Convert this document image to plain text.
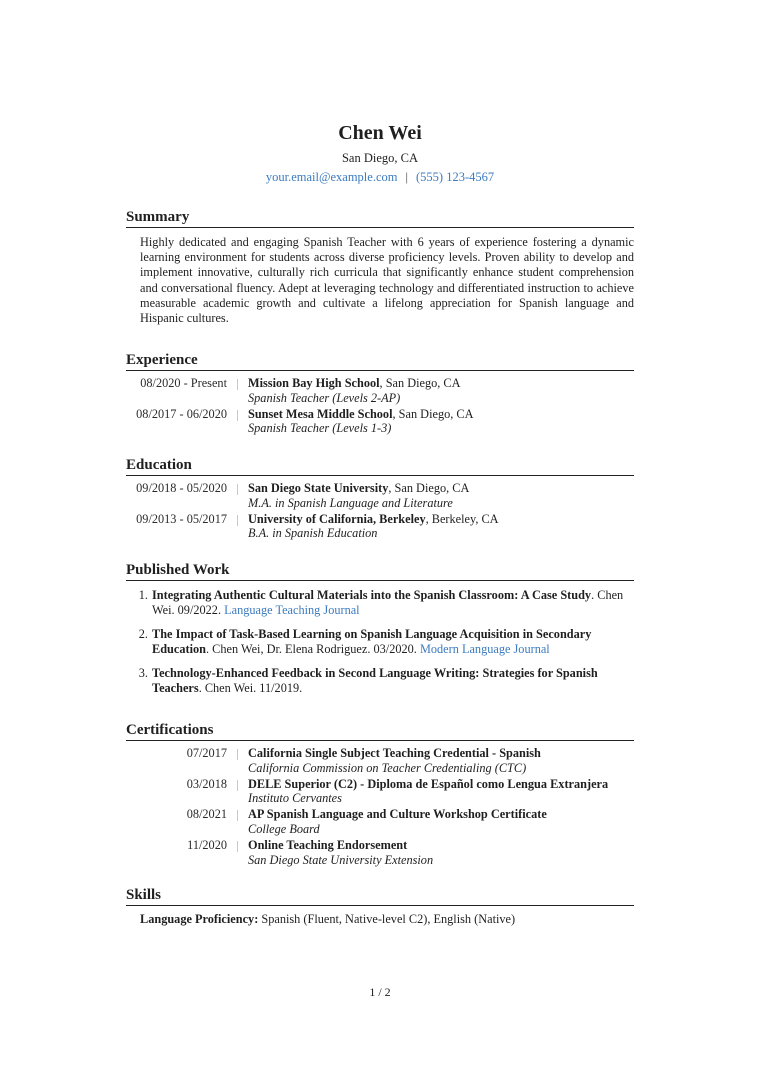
Chen Wei
San Diego, CA
your.email@example.com | (555) 123-4567
Summary
Highly dedicated and engaging Spanish Teacher with 6 years of experience fostering a dynamic learning environment for students across diverse proficiency levels. Proven ability to develop and implement innovative, culturally rich curricula that significantly enhance student comprehension and conversational fluency. Adept at leveraging technology and differentiated instruction to achieve measurable academic growth and cultivate a lifelong appreciation for Spanish language and Hispanic cultures.
Experience
08/2020 - Present	Mission Bay High School, San Diego, CA
Spanish Teacher (Levels 2-AP)
08/2017 - 06/2020	Sunset Mesa Middle School, San Diego, CA
Spanish Teacher (Levels 1-3)
Education
09/2018 - 05/2020	San Diego State University, San Diego, CA
M.A. in Spanish Language and Literature
09/2013 - 05/2017	University of California, Berkeley, Berkeley, CA
B.A. in Spanish Education
Published Work
1. Integrating Authentic Cultural Materials into the Spanish Classroom: A Case Study. Chen Wei. 09/2022. Language Teaching Journal
2. The Impact of Task-Based Learning on Spanish Language Acquisition in Secondary Education. Chen Wei, Dr. Elena Rodriguez. 03/2020. Modern Language Journal
3. Technology-Enhanced Feedback in Second Language Writing: Strategies for Spanish Teachers. Chen Wei. 11/2019.
Certifications
07/2017	California Single Subject Teaching Credential - Spanish
California Commission on Teacher Credentialing (CTC)
03/2018	DELE Superior (C2) - Diploma de Español como Lengua Extranjera
Instituto Cervantes
08/2021	AP Spanish Language and Culture Workshop Certificate
College Board
11/2020	Online Teaching Endorsement
San Diego State University Extension
Skills
Language Proficiency: Spanish (Fluent, Native-level C2), English (Native)
1 / 2
